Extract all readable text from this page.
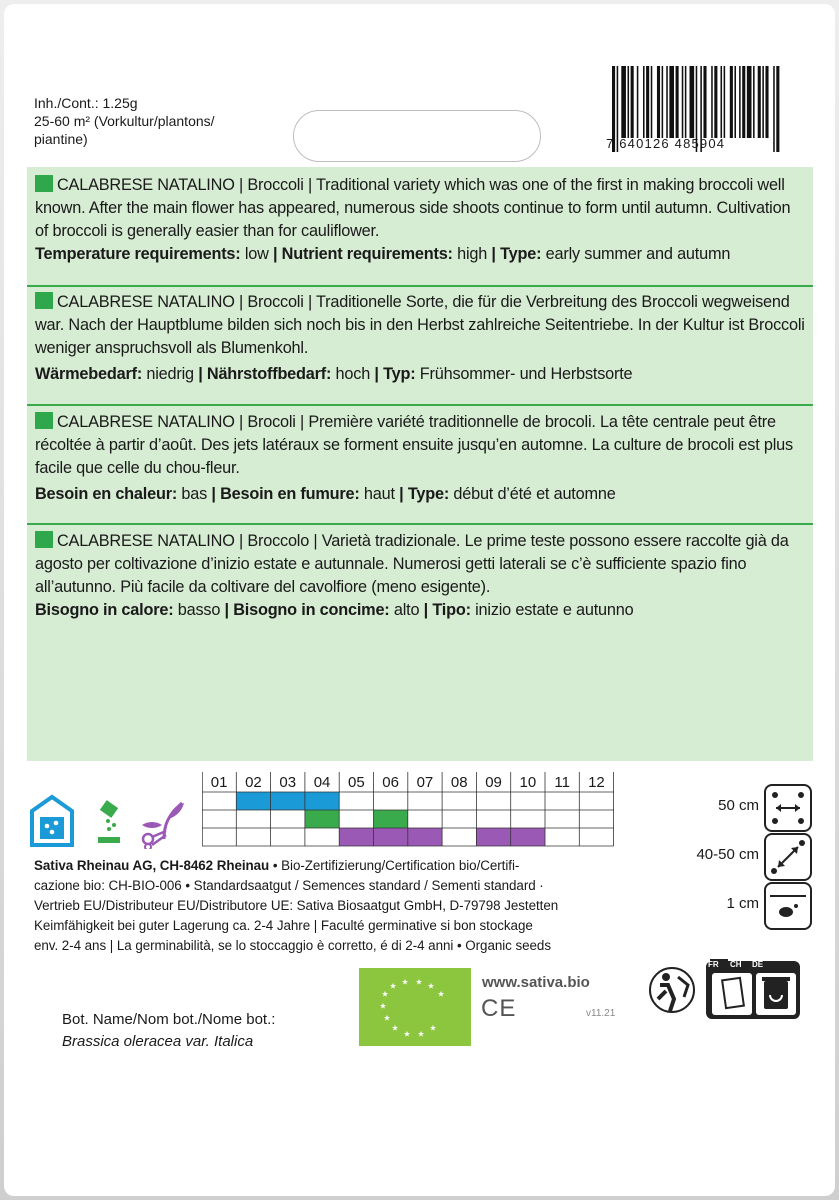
Inh./Cont.: 1.25g
25-60 m² (Vorkultur/plantons/
piantine)	7 640126 485904
CALABRESE NATALINO | Broccoli | Traditional variety which was one of the first in making broccoli well known. After the main flower has appeared, numerous side shoots continue to form until autumn. Cultivation of broccoli is generally easier than for cauliflower.
Temperature requirements: low | Nutrient requirements: high | Type: early summer and autumn
CALABRESE NATALINO | Broccoli | Traditionelle Sorte, die für die Verbreitung des Broccoli wegweisend war. Nach der Hauptblume bilden sich noch bis in den Herbst zahlreiche Seitentriebe. In der Kultur ist Broccoli weniger anspruchsvoll als Blumenkohl.

Wärmebedarf: niedrig | Nährstoffbedarf: hoch | Typ: Frühsommer- und Herbstsorte
CALABRESE NATALINO | Brocoli | Première variété traditionnelle de brocoli. La tête centrale peut être récoltée à partir d’août. Des jets latéraux se forment ensuite jusqu’en automne. La culture de brocoli est plus facile que celle du chou-fleur.

Besoin en chaleur: bas | Besoin en fumure: haut | Type: début d’été et automne
CALABRESE NATALINO | Broccolo | Varietà tradizionale. Le prime teste possono essere raccolte già da agosto per coltivazione d’inizio estate e autunnale. Numerosi getti laterali se c’è sufficiente spazio fino all’autunno. Più facile da coltivare del cavolfiore (meno esigente).
Bisogno in calore: basso | Bisogno in concime: alto | Tipo: inizio estate e autunno
01 02 03 04 05 06 07 08 09 10 11 12
50 cm
40-50 cm
1 cm
Sativa Rheinau AG, CH-8462 Rheinau • Bio-Zertifizierung/Certification bio/Certifi-
cazione bio: CH-BIO-006 • Standardsaatgut / Semences standard / Sementi standard ·
Vertrieb EU/Distributeur EU/Distributore UE: Sativa Biosaatgut GmbH, D-79798 Jestetten
Keimfähigkeit bei guter Lagerung ca. 2-4 Jahre | Faculté germinative si bon stockage
env. 2-4 ans | La germinabilità, se lo stoccaggio è corretto, é di 2-4 anni • Organic seeds
Bot. Name/Nom bot./Nome bot.:
Brassica oleracea var. Italica
www.sativa.bio
CE	v11.21
FR CH DE
